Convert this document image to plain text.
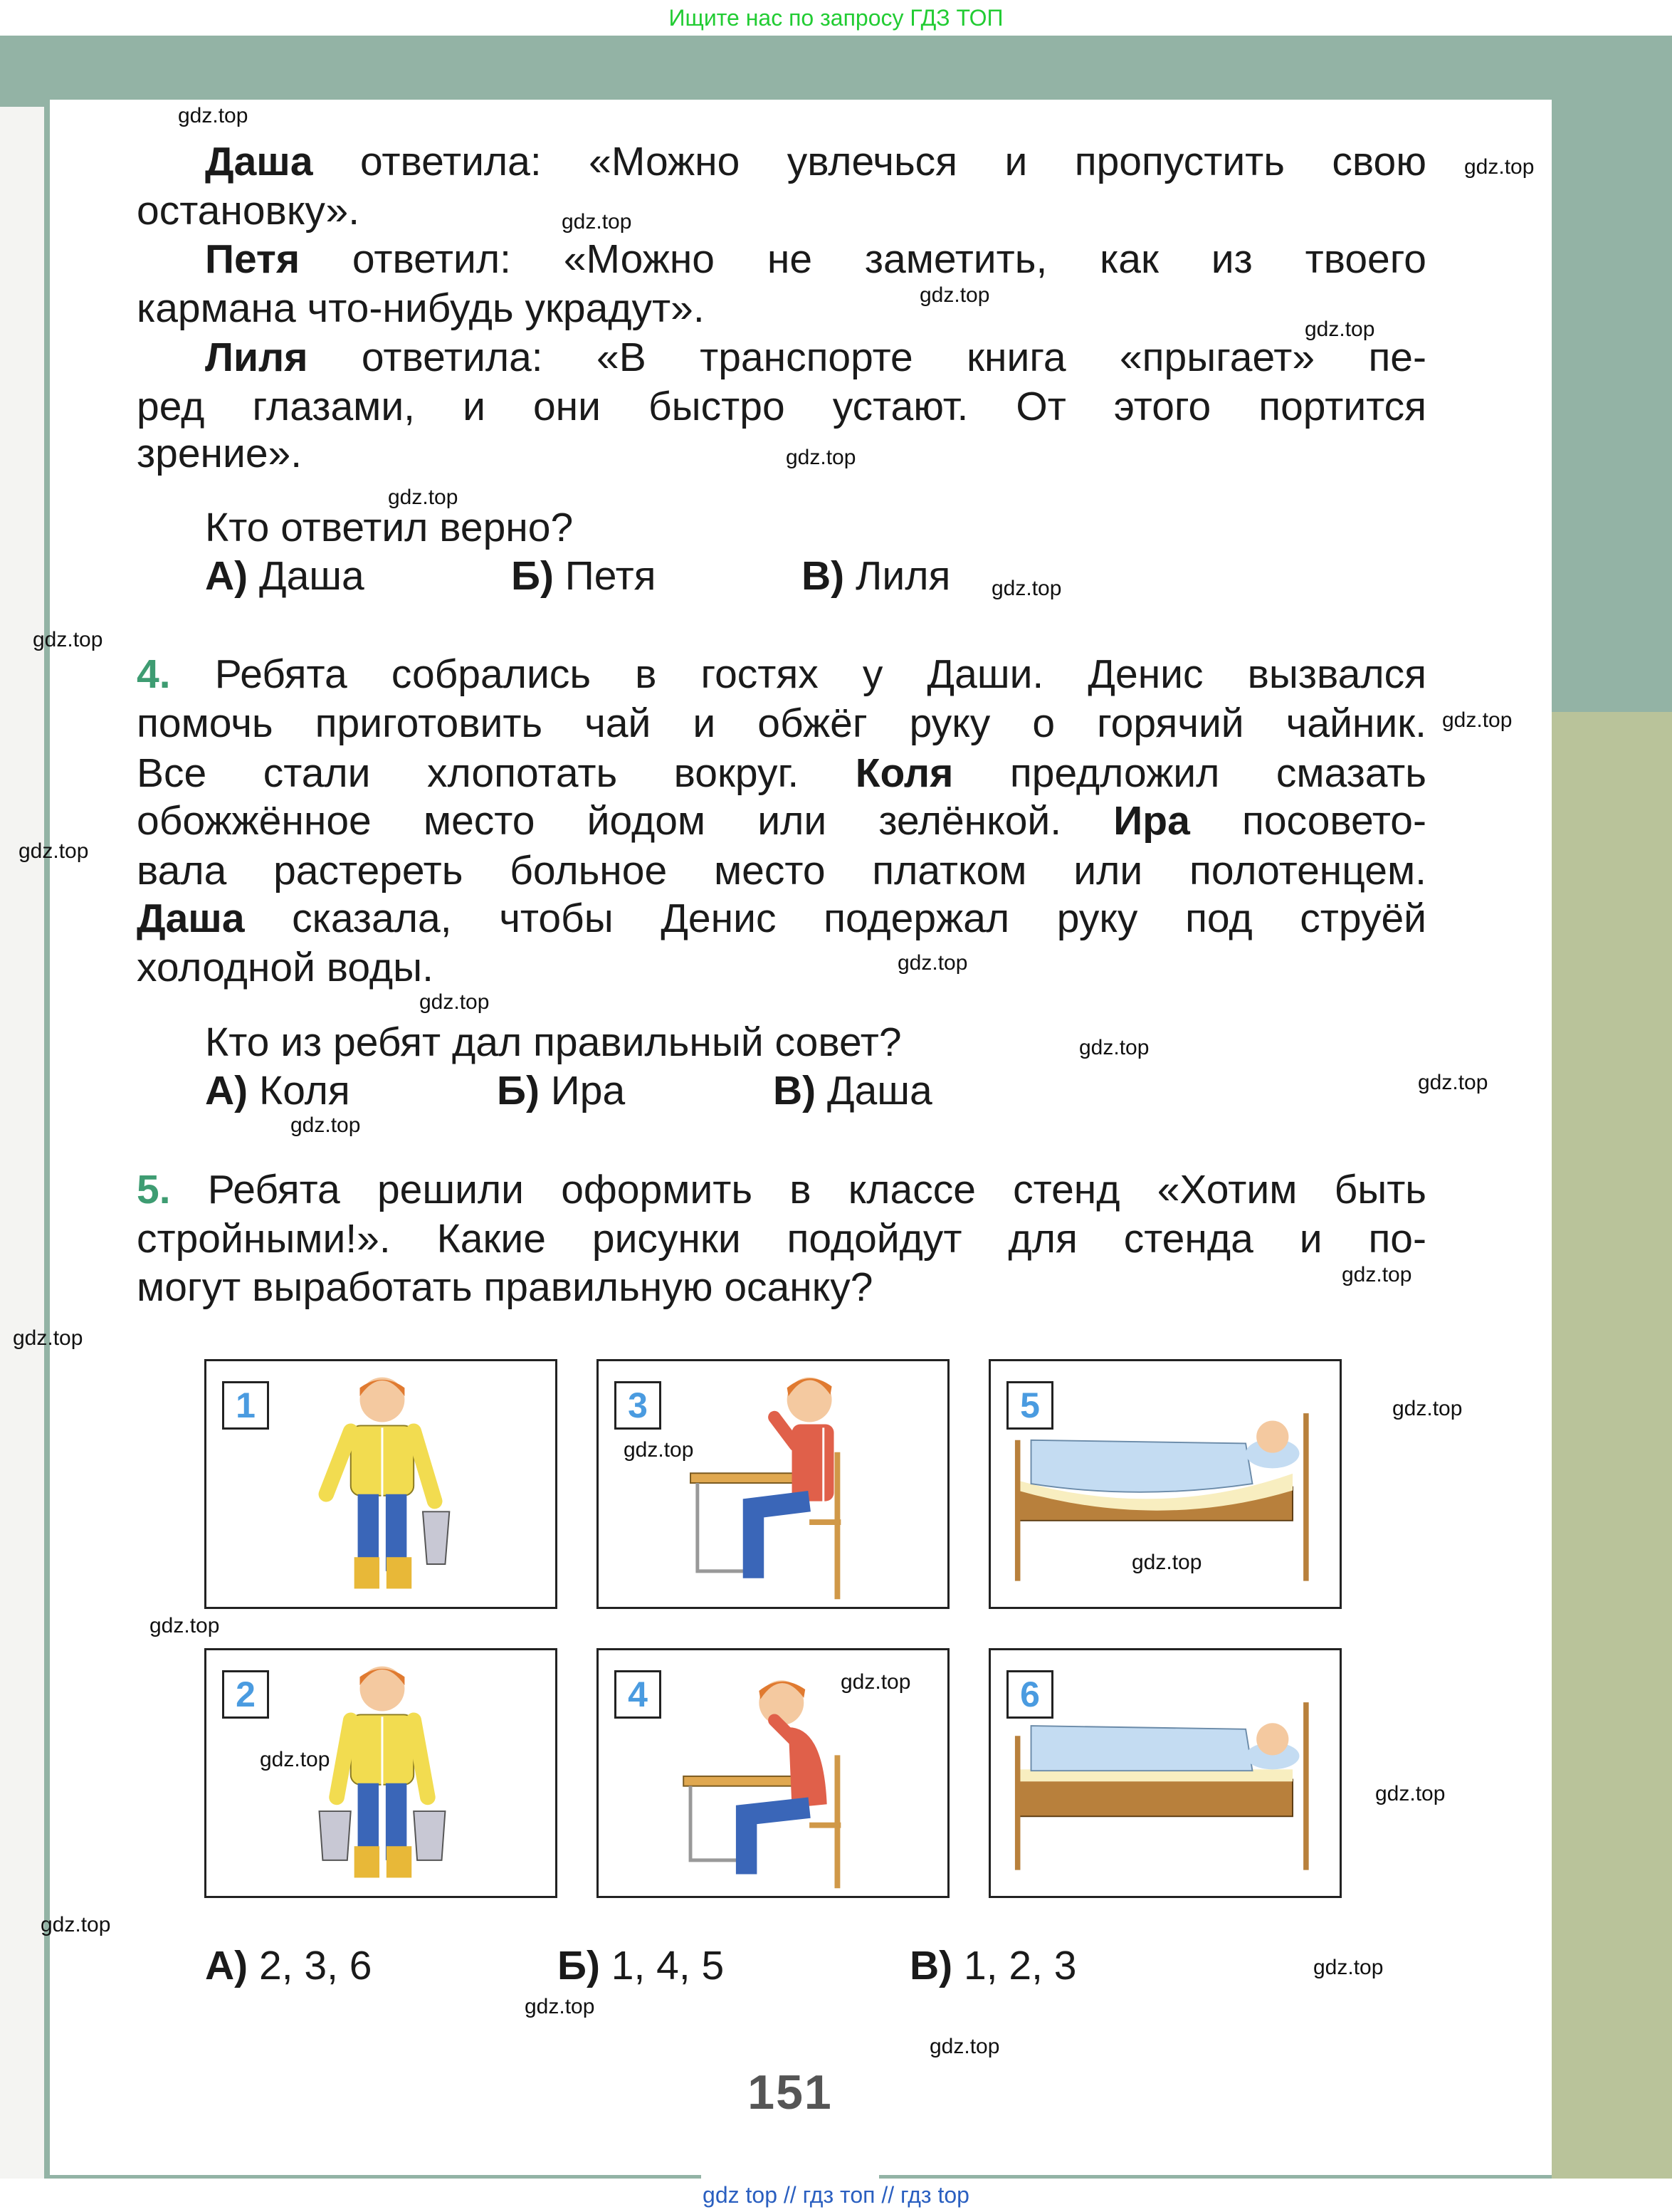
Ищите нас по запросу ГДЗ ТОП
151
Даша ответила: «Можно увлечься и пропустить свою
остановку».
Петя ответил: «Можно не заметить, как из твоего
кармана что-нибудь украдут».
Лиля ответила: «В транспорте книга «прыгает» пе-
ред глазами, и они быстро устают. От этого портится
зрение».
Кто ответил верно?
А) Даша	Б) Петя	В) Лиля
4. Ребята собрались в гостях у Даши. Денис вызвался
помочь приготовить чай и обжёг руку о горячий чайник.
Все стали хлопотать вокруг. Коля предложил смазать
обожжённое место йодом или зелёнкой. Ира посовето-
вала растереть больное место платком или полотенцем.
Даша сказала, чтобы Денис подержал руку под струёй
холодной воды.
Кто из ребят дал правильный совет?
А) Коля	Б) Ира	В) Даша
5. Ребята решили оформить в классе стенд «Хотим быть
стройными!». Какие рисунки подойдут для стенда и по-
могут выработать правильную осанку?
1	3	5
2	4	6
А) 2, 3, 6	Б) 1, 4, 5	В) 1, 2, 3
gdz.top
gdz.top
gdz.top
gdz.top
gdz.top
gdz.top
gdz.top
gdz.top
gdz.top
gdz.top
gdz.top
gdz.top
gdz.top
gdz.top
gdz.top
gdz.top
gdz.top
gdz.top
gdz.top
gdz.top
gdz.top
gdz.top
gdz.top
gdz.top
gdz.top
gdz.top
gdz.top
gdz.top
gdz.top
gdz top // гдз топ // гдз top
